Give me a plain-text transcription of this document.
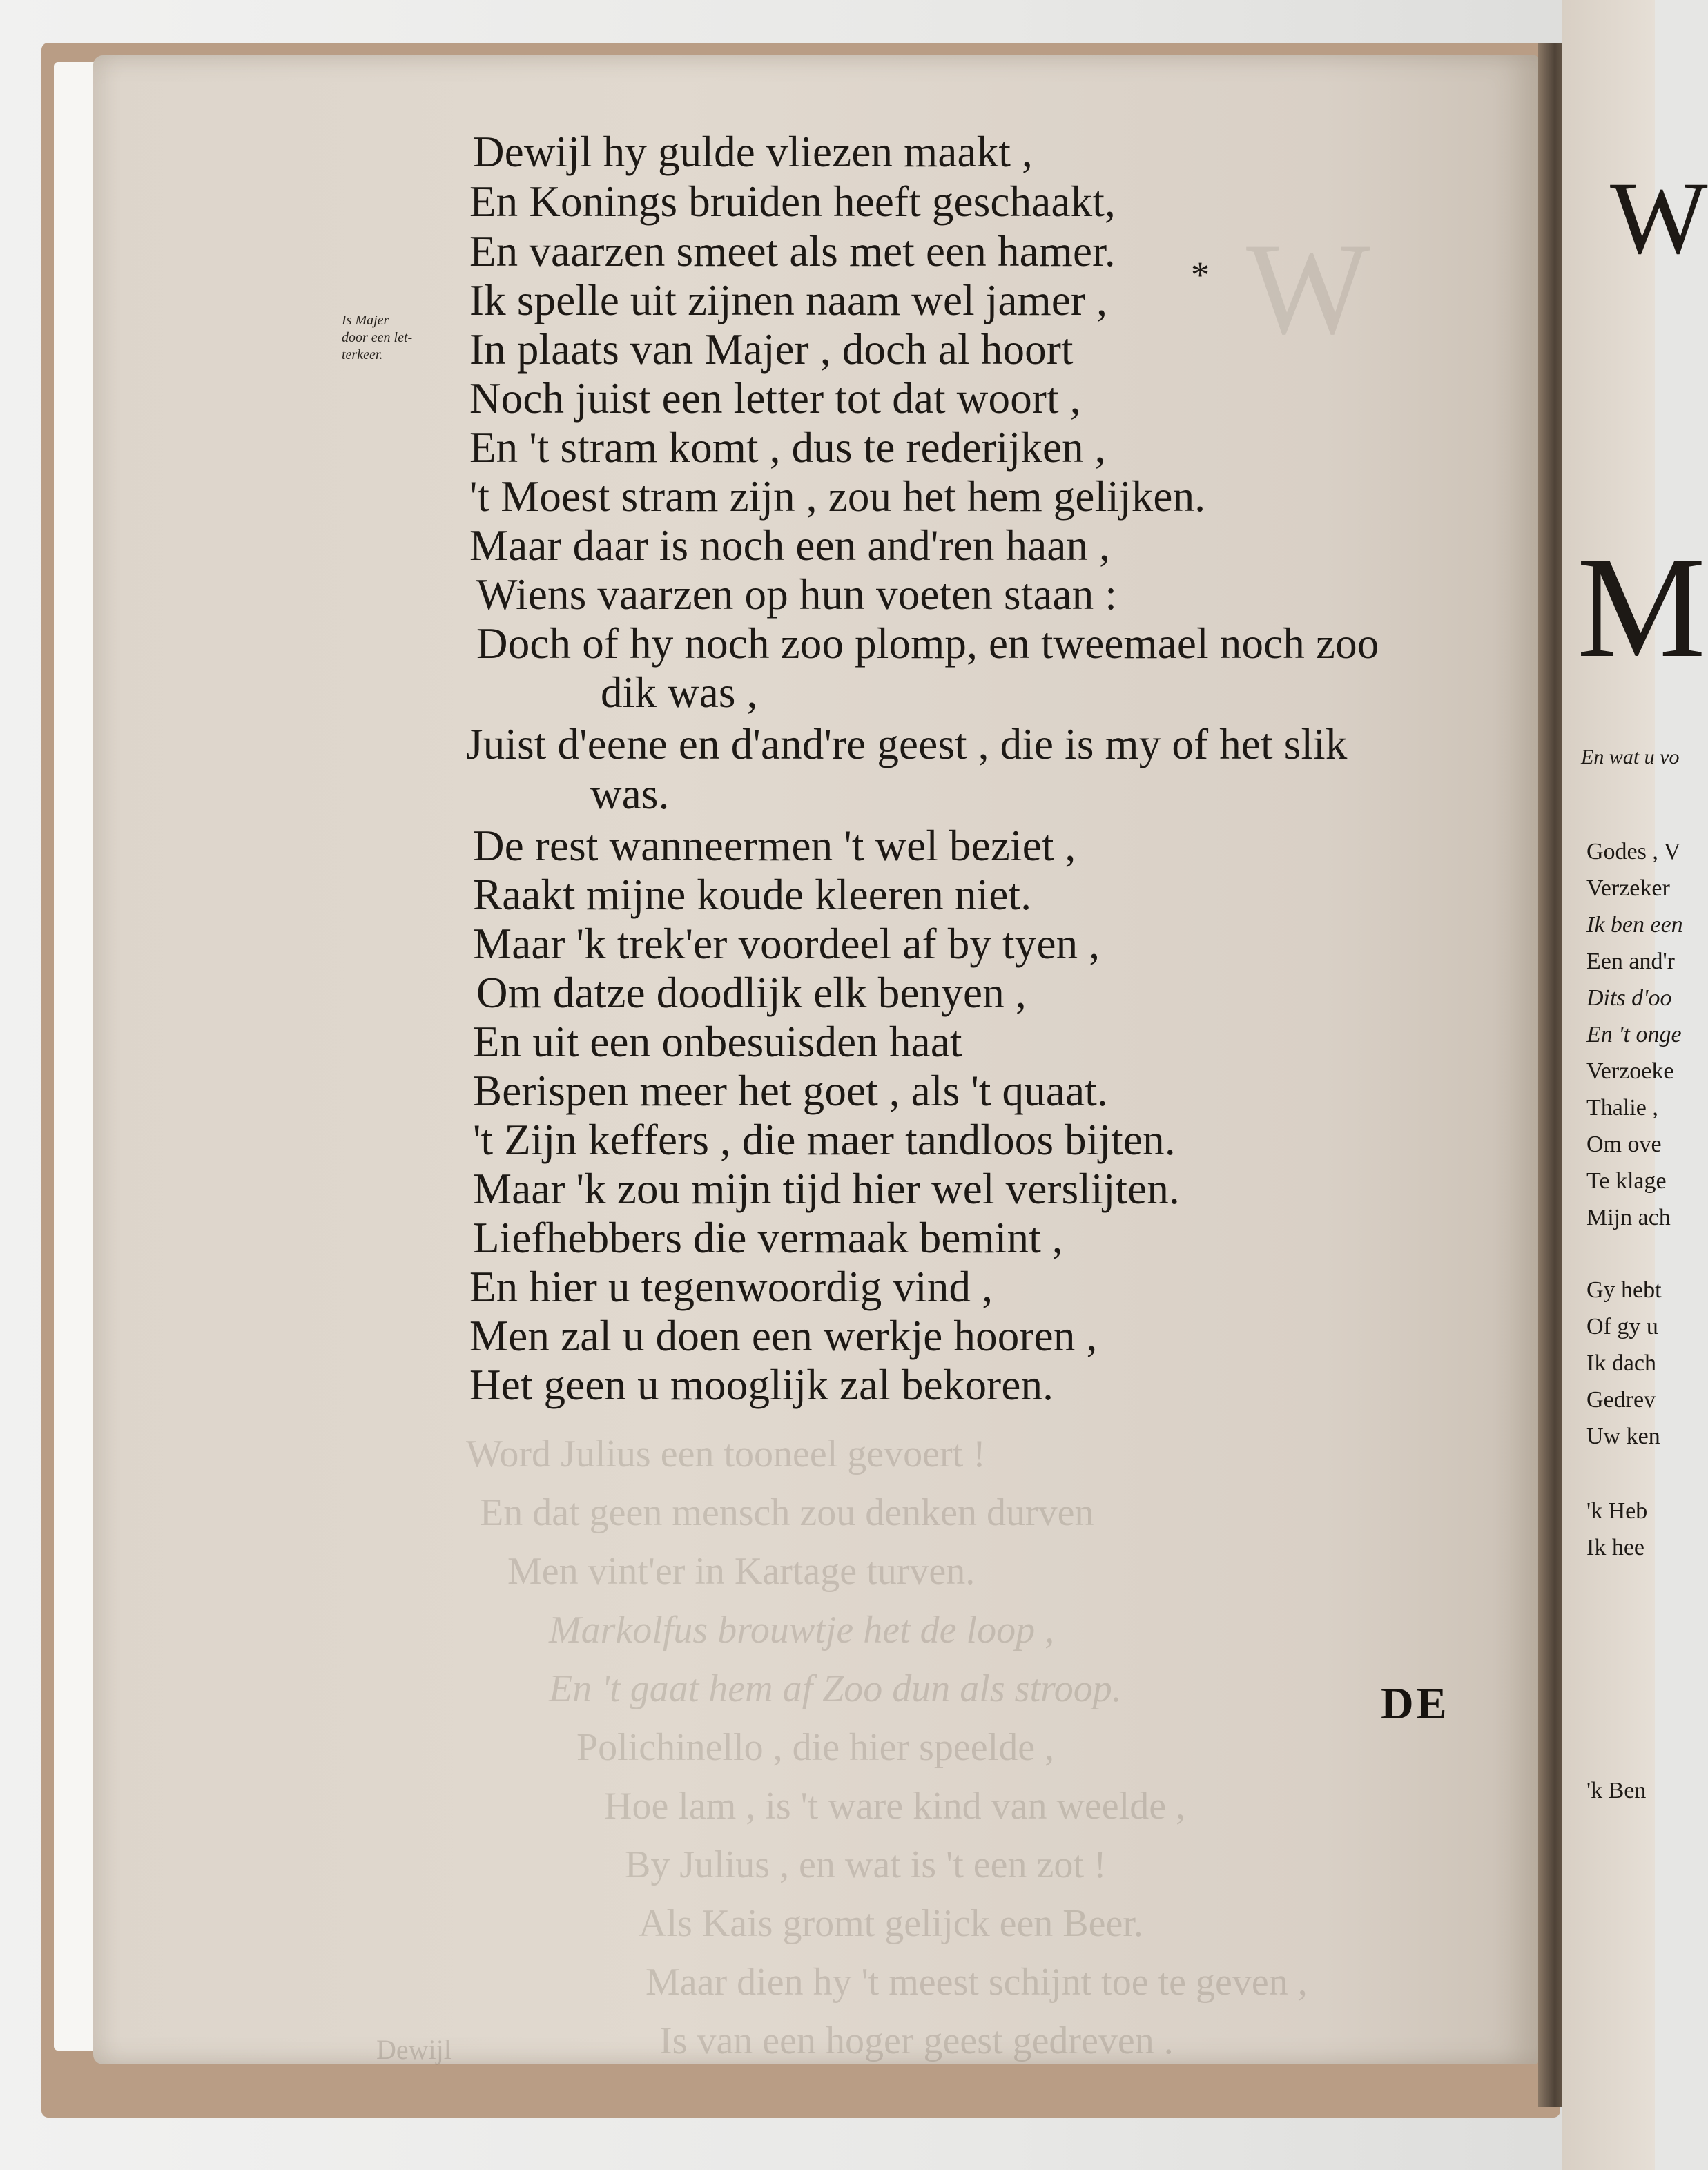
W
Word Julius een tooneel gevoert !
En dat geen mensch zou denken durven
Men vint'er in Kartage turven.
Markolfus brouwtje het de loop ,
En 't gaat hem af Zoo dun als stroop.
Polichinello , die hier speelde ,
Hoe lam , is 't ware kind van weelde ,
By Julius , en wat is 't een zot !
Als Kais gromt gelijck een Beer.
Maar dien hy 't meest schijnt toe te geven ,
Is van een hoger geest gedreven .
Dewijl
W
M
En wat u vo
Godes , V
Verzeker
Ik ben een
Een and'r
Dits d'oo
En 't onge
Verzoeke
Thalie ,
Om ove
Te klage
Mijn ach
Gy hebt
Of gy u
Ik dach
Gedrev
Uw ken
'k Heb
Ik hee
'k Ben
Is Majer
door een let-
terkeer.
*
Dewijl hy gulde vliezen maakt ,
En Konings bruiden heeft geschaakt,
En vaarzen smeet als met een hamer.
Ik spelle uit zijnen naam wel jamer ,
In plaats van Majer , doch al hoort
Noch juist een letter tot dat woort ,
En 't stram komt , dus te rederijken ,
't Moest stram zijn , zou het hem gelijken.
Maar daar is noch een and'ren haan ,
Wiens vaarzen op hun voeten staan :
Doch of hy noch zoo plomp, en tweemael noch zoo
dik was ,
Juist d'eene en d'and're geest , die is my of het slik
was.
De rest wanneermen 't wel beziet ,
Raakt mijne koude kleeren niet.
Maar 'k trek'er voordeel af by tyen ,
Om datze doodlijk elk benyen ,
En uit een onbesuisden haat
Berispen meer het goet , als 't quaat.
't Zijn keffers , die maer tandloos bijten.
Maar 'k zou mijn tijd hier wel verslijten.
Liefhebbers die vermaak bemint ,
En hier u tegenwoordig vind ,
Men zal u doen een werkje hooren ,
Het geen u mooglijk zal bekoren.
DE
